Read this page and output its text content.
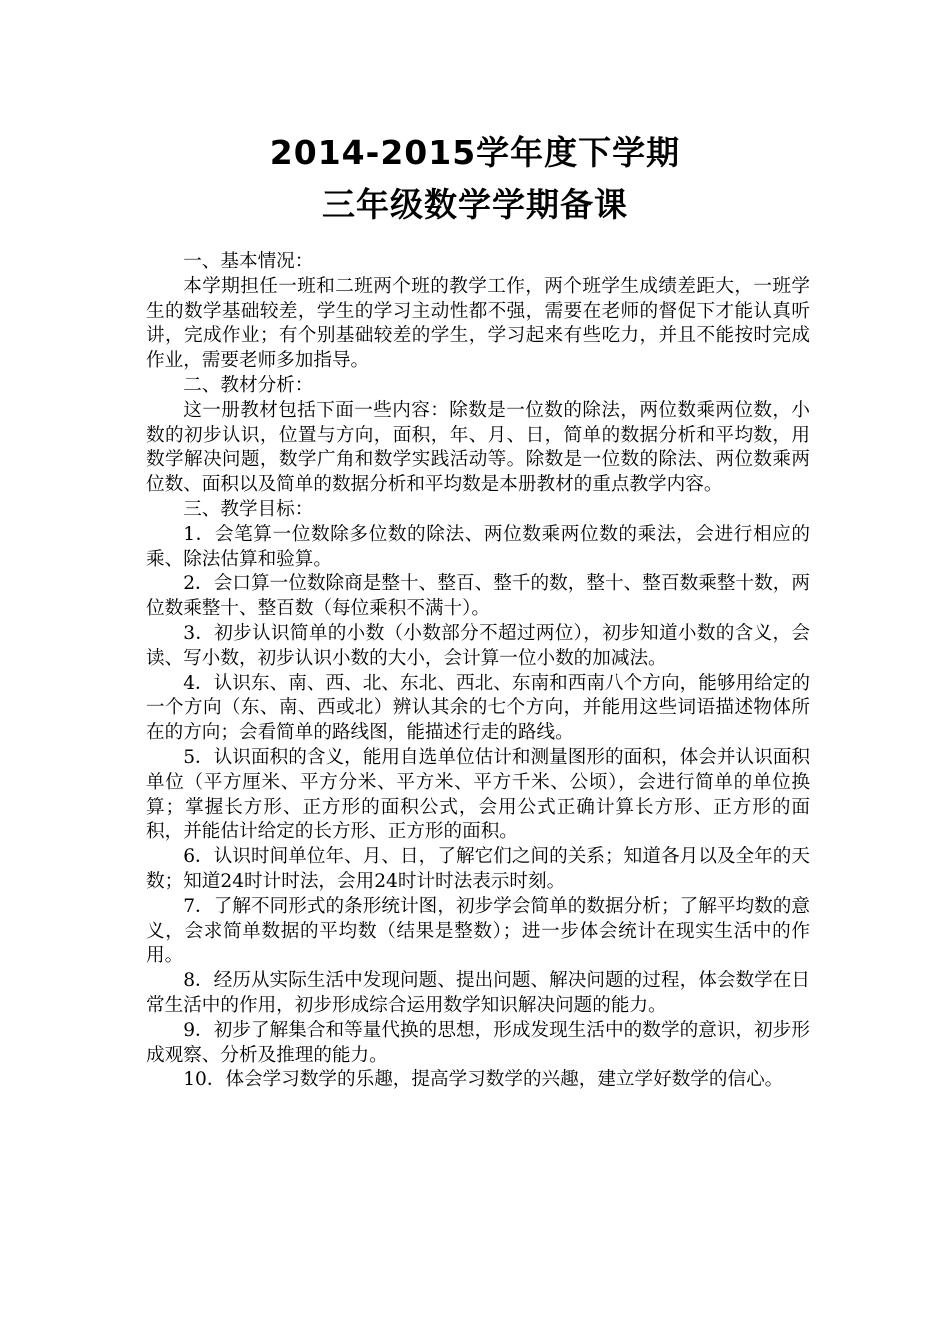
2014-2015学年度下学期
三年级数学学期备课

一、基本情况：

本学期担任一班和二班两个班的教学工作，两个班学生成绩差距大，一班学生的数学基础较差，学生的学习主动性都不强，需要在老师的督促下才能认真听讲，完成作业；有个别基础较差的学生，学习起来有些吃力，并且不能按时完成作业，需要老师多加指导。

二、教材分析：

这一册教材包括下面一些内容：除数是一位数的除法，两位数乘两位数，小数的初步认识，位置与方向，面积，年、月、日，简单的数据分析和平均数，用数学解决问题，数学广角和数学实践活动等。除数是一位数的除法、两位数乘两位数、面积以及简单的数据分析和平均数是本册教材的重点教学内容。

三、教学目标：

1．会笔算一位数除多位数的除法、两位数乘两位数的乘法，会进行相应的乘、除法估算和验算。

2．会口算一位数除商是整十、整百、整千的数，整十、整百数乘整十数，两位数乘整十、整百数（每位乘积不满十）。

3．初步认识简单的小数（小数部分不超过两位），初步知道小数的含义，会读、写小数，初步认识小数的大小，会计算一位小数的加减法。

4．认识东、南、西、北、东北、西北、东南和西南八个方向，能够用给定的一个方向（东、南、西或北）辨认其余的七个方向，并能用这些词语描述物体所在的方向；会看简单的路线图，能描述行走的路线。

5．认识面积的含义，能用自选单位估计和测量图形的面积，体会并认识面积单位（平方厘米、平方分米、平方米、平方千米、公顷），会进行简单的单位换算；掌握长方形、正方形的面积公式，会用公式正确计算长方形、正方形的面积，并能估计给定的长方形、正方形的面积。

6．认识时间单位年、月、日，了解它们之间的关系；知道各月以及全年的天数；知道24时计时法，会用24时计时法表示时刻。

7．了解不同形式的条形统计图，初步学会简单的数据分析；了解平均数的意义，会求简单数据的平均数（结果是整数）；进一步体会统计在现实生活中的作用。

8．经历从实际生活中发现问题、提出问题、解决问题的过程，体会数学在日常生活中的作用，初步形成综合运用数学知识解决问题的能力。

9．初步了解集合和等量代换的思想，形成发现生活中的数学的意识，初步形成观察、分析及推理的能力。

10．体会学习数学的乐趣，提高学习数学的兴趣，建立学好数学的信心。
